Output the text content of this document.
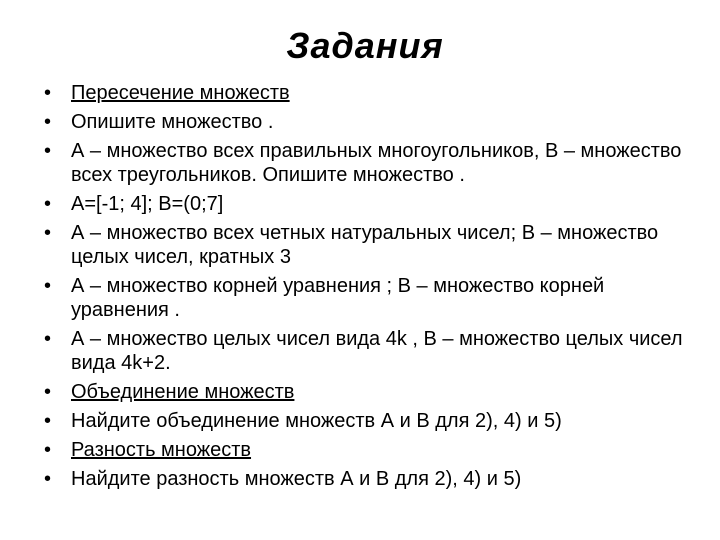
Задания
• Пересечение множеств
• Опишите множество .
• А – множество всех правильных многоугольников, В – множество всех треугольников. Опишите множество .
• А=[-1; 4]; В=(0;7]
• А – множество всех четных натуральных чисел; В – множество целых чисел, кратных 3
• А – множество корней уравнения ; В – множество корней уравнения .
• А – множество целых чисел вида 4k , В – множество целых чисел вида 4k+2.
• Объединение множеств
• Найдите объединение множеств А и В для 2), 4) и 5)
• Разность множеств
• Найдите разность множеств А и В для 2), 4) и 5)
